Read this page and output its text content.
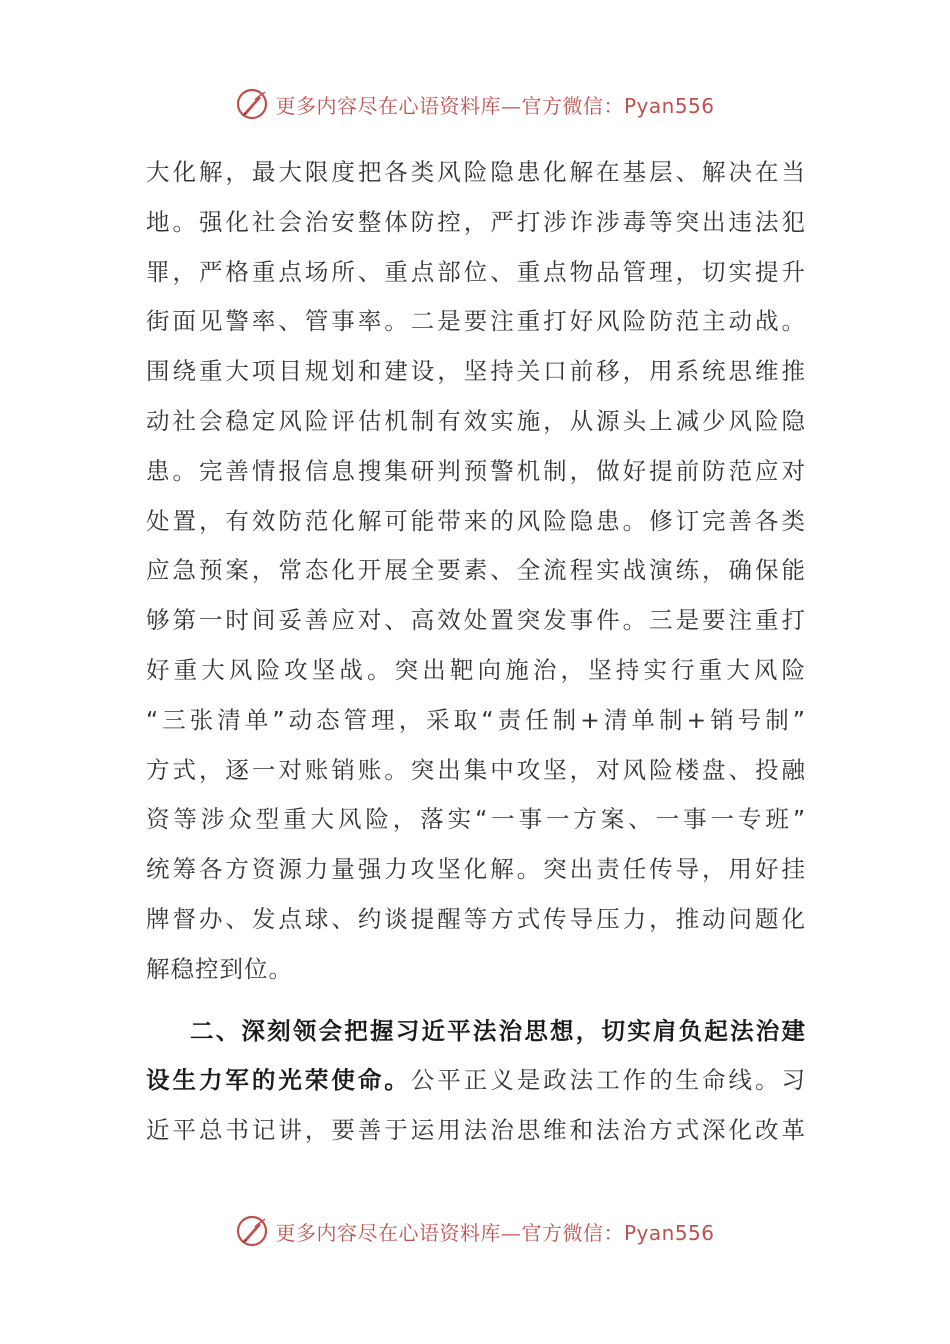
更多内容尽在心语资料库—官方微信：Pyan556
大化解，最大限度把各类风险隐患化解在基层、解决在当
地。强化社会治安整体防控，严打涉诈涉毒等突出违法犯
罪，严格重点场所、重点部位、重点物品管理，切实提升
街面见警率、管事率。二是要注重打好风险防范主动战。
围绕重大项目规划和建设，坚持关口前移，用系统思维推
动社会稳定风险评估机制有效实施，从源头上减少风险隐
患。完善情报信息搜集研判预警机制，做好提前防范应对
处置，有效防范化解可能带来的风险隐患。修订完善各类
应急预案，常态化开展全要素、全流程实战演练，确保能
够第一时间妥善应对、高效处置突发事件。三是要注重打
好重大风险攻坚战。突出靶向施治，坚持实行重大风险
“三张清单”动态管理，采取“责任制+清单制+销号制”
方式，逐一对账销账。突出集中攻坚，对风险楼盘、投融
资等涉众型重大风险，落实“一事一方案、一事一专班”
统筹各方资源力量强力攻坚化解。突出责任传导，用好挂
牌督办、发点球、约谈提醒等方式传导压力，推动问题化
解稳控到位。
二、深刻领会把握习近平法治思想，切实肩负起法治建
设生力军的光荣使命。公平正义是政法工作的生命线。习
近平总书记讲，要善于运用法治思维和法治方式深化改革
更多内容尽在心语资料库—官方微信：Pyan556
